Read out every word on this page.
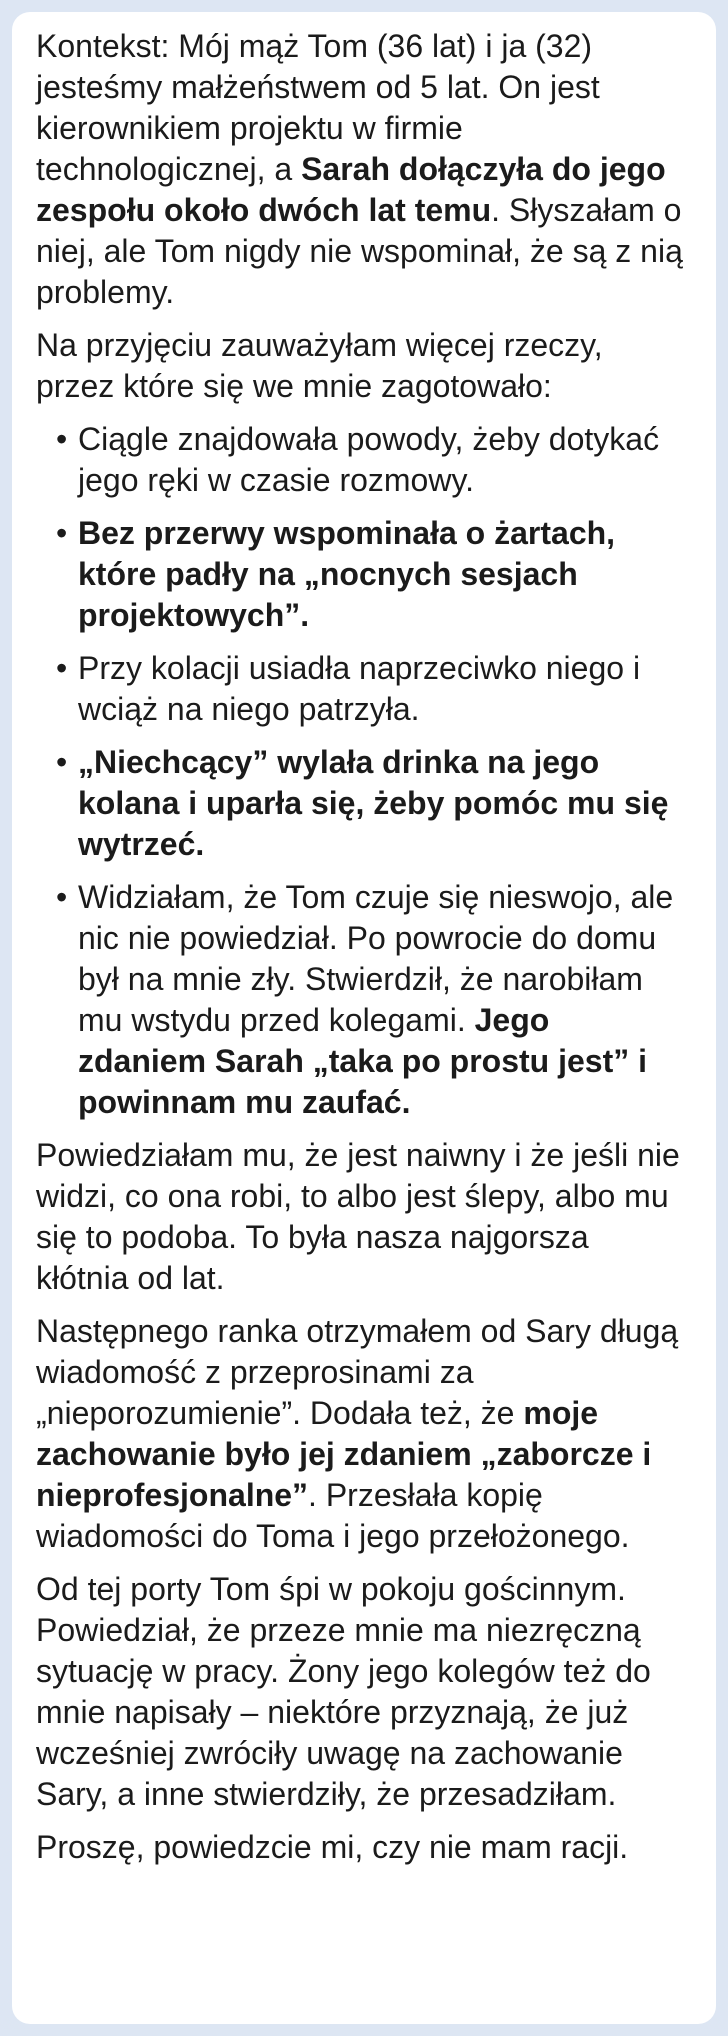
Kontekst: Mój mąż Tom (36 lat) i ja (32) jesteśmy małżeństwem od 5 lat. On jest kierownikiem projektu w firmie technologicznej, a Sarah dołączyła do jego zespołu około dwóch lat temu. Słyszałam o niej, ale Tom nigdy nie wspominał, że są z nią problemy.

Na przyjęciu zauważyłam więcej rzeczy, przez które się we mnie zagotowało:

• Ciągle znajdowała powody, żeby dotykać jego ręki w czasie rozmowy.
• Bez przerwy wspominała o żartach, które padły na „nocnych sesjach projektowych”.
• Przy kolacji usiadła naprzeciwko niego i wciąż na niego patrzyła.
• „Niechcący” wylała drinka na jego kolana i uparła się, żeby pomóc mu się wytrzeć.
• Widziałam, że Tom czuje się nieswojo, ale nic nie powiedział. Po powrocie do domu był na mnie zły. Stwierdził, że narobiłam mu wstydu przed kolegami. Jego zdaniem Sarah „taka po prostu jest” i powinnam mu zaufać.

Powiedziałam mu, że jest naiwny i że jeśli nie widzi, co ona robi, to albo jest ślepy, albo mu się to podoba. To była nasza najgorsza kłótnia od lat.

Następnego ranka otrzymałem od Sary długą wiadomość z przeprosinami za „nieporozumienie”. Dodała też, że moje zachowanie było jej zdaniem „zaborcze i nieprofesjonalne”. Przesłała kopię wiadomości do Toma i jego przełożonego.

Od tej porty Tom śpi w pokoju gościnnym. Powiedział, że przeze mnie ma niezręczną sytuację w pracy. Żony jego kolegów też do mnie napisały – niektóre przyznają, że już wcześniej zwróciły uwagę na zachowanie Sary, a inne stwierdziły, że przesadziłam.

Proszę, powiedzcie mi, czy nie mam racji.
